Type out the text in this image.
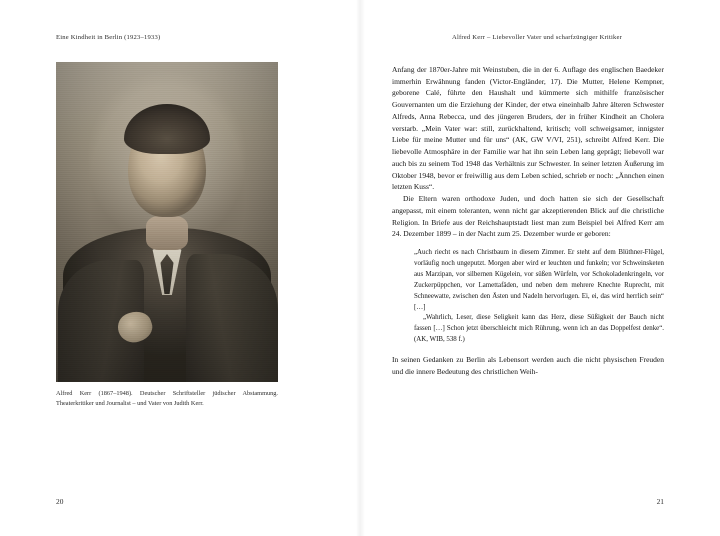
Eine Kindheit in Berlin (1923–1933)
Alfred Kerr (1867–1948). Deutscher Schriftsteller jüdischer Abstammung. Theaterkritiker und Journalist – und Vater von Judith Kerr.
20
Alfred Kerr – Liebevoller Vater und scharfzüngiger Kritiker

Anfang der 1870er-Jahre mit Weinstuben, die in der 6. Auflage des englischen Baedeker immerhin Erwähnung fanden (Victor-Engländer, 17). Die Mutter, Helene Kempner, geborene Calé, führte den Haushalt und kümmerte sich mithilfe französischer Gouvernanten um die Erziehung der Kinder, der etwa eineinhalb Jahre älteren Schwester Alfreds, Anna Rebecca, und des jüngeren Bruders, der in früher Kindheit an Cholera verstarb. „Mein Vater war: still, zurückhaltend, kritisch; voll schweigsamer, innigster Liebe für meine Mutter und für uns“ (AK, GW V/VI, 251), schreibt Alfred Kerr. Die liebevolle Atmosphäre in der Familie war hat ihn sein Leben lang geprägt; liebevoll war auch bis zu seinem Tod 1948 das Verhältnis zur Schwester. In seiner letzten Äußerung im Oktober 1948, bevor er freiwillig aus dem Leben schied, schrieb er noch: „Ännchen einen letzten Kuss“.

Die Eltern waren orthodoxe Juden, und doch hatten sie sich der Gesellschaft angepasst, mit einem toleranten, wenn nicht gar akzeptierenden Blick auf die christliche Religion. In Briefe aus der Reichshauptstadt liest man zum Beispiel bei Alfred Kerr am 24. Dezember 1899 – in der Nacht zum 25. Dezember wurde er geboren:

„Auch riecht es nach Christbaum in diesem Zimmer. Er steht auf dem Blüthner-Flügel, vorläufig noch ungeputzt. Morgen aber wird er leuchten und funkeln; vor Schweinsketen aus Marzipan, vor silbernen Kügelein, vor süßen Würfeln, vor Schokoladenkringeln, vor Zuckerpüppchen, vor Lamettafäden, und neben dem mehrere Knechte Ruprecht, mit Schneewatte, zwischen den Ästen und Nadeln hervorlugen. Ei, ei, das wird herrlich sein“ […]

„Wahrlich, Leser, diese Seligkeit kann das Herz, diese Süßigkeit der Bauch nicht fassen […] Schon jetzt überschleicht mich Rührung, wenn ich an das Doppelfest denke“. (AK, WIB, 538 f.)

In seinen Gedanken zu Berlin als Lebensort werden auch die nicht physischen Freuden und die innere Bedeutung des christlichen Weih-

21
